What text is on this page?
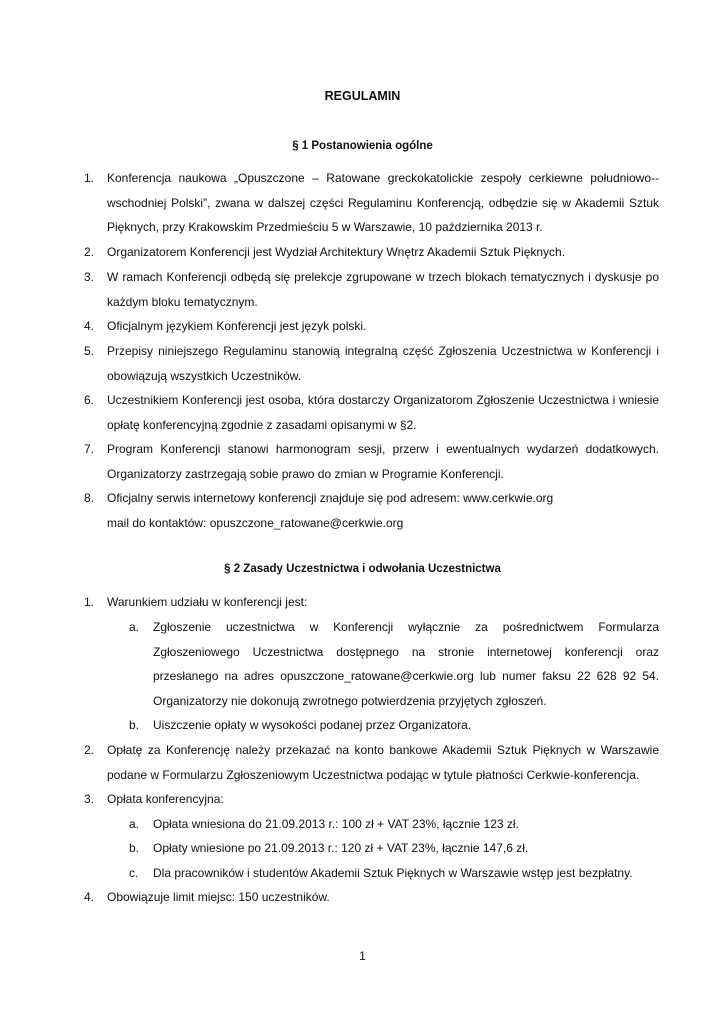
REGULAMIN
§ 1 Postanowienia ogólne
1.	Konferencja naukowa „Opuszczone – Ratowane greckokatolickie zespoły cerkiewne południowo--wschodniej Polski”, zwana w dalszej części Regulaminu Konferencją, odbędzie się w Akademii Sztuk Pięknych, przy Krakowskim Przedmieściu 5 w Warszawie, 10 października 2013 r.
2.	Organizatorem Konferencji jest Wydział Architektury Wnętrz Akademii Sztuk Pięknych.
3.	W ramach Konferencji odbędą się prelekcje zgrupowane w trzech blokach tematycznych i dyskusje po każdym bloku tematycznym.
4.	Oficjalnym językiem Konferencji jest język polski.
5.	Przepisy niniejszego Regulaminu stanowią integralną część Zgłoszenia Uczestnictwa w Konferencji i obowiązują wszystkich Uczestników.
6.	Uczestnikiem Konferencji jest osoba, która dostarczy Organizatorom Zgłoszenie Uczestnictwa i wniesie opłatę konferencyjną zgodnie z zasadami opisanymi w §2.
7.	Program Konferencji stanowi harmonogram sesji, przerw i ewentualnych wydarzeń dodatkowych. Organizatorzy zastrzegają sobie prawo do zmian w Programie Konferencji.
8.	Oficjalny serwis internetowy konferencji znajduje się pod adresem: www.cerkwie.org
mail do kontaktów: opuszczone_ratowane@cerkwie.org
§ 2 Zasady Uczestnictwa i odwołania Uczestnictwa
1.	Warunkiem udziału w konferencji jest:
a.	Zgłoszenie uczestnictwa w Konferencji wyłącznie za pośrednictwem Formularza Zgłoszeniowego Uczestnictwa dostępnego na stronie internetowej konferencji oraz przesłanego na adres opuszczone_ratowane@cerkwie.org lub numer faksu 22 628 92 54. Organizatorzy nie dokonują zwrotnego potwierdzenia przyjętych zgłoszeń.
b.	Uiszczenie opłaty w wysokości podanej przez Organizatora.
2.	Opłatę za Konferencję należy przekazać na konto bankowe Akademii Sztuk Pięknych w Warszawie podane w Formularzu Zgłoszeniowym Uczestnictwa podając w tytule płatności Cerkwie-konferencja.
3.	Opłata konferencyjna:
a.	Opłata wniesiona do 21.09.2013 r.: 100 zł + VAT 23%, łącznie 123 zł.
b.	Opłaty wniesione po 21.09.2013 r.: 120 zł + VAT 23%, łącznie 147,6 zł.
c.	Dla pracowników i studentów Akademii Sztuk Pięknych w Warszawie wstęp jest bezpłatny.
4.	Obowiązuje limit miejsc: 150 uczestników.
1
